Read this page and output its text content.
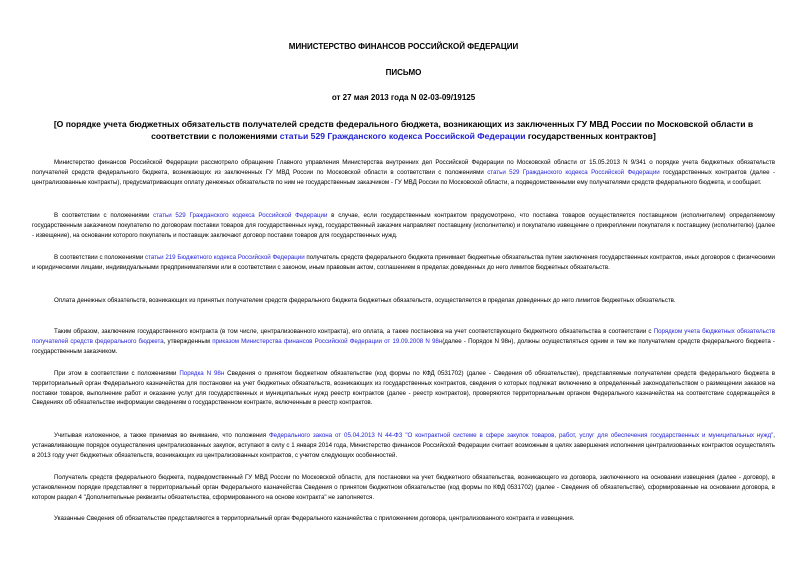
МИНИСТЕРСТВО ФИНАНСОВ РОССИЙСКОЙ ФЕДЕРАЦИИ
ПИСЬМО
от 27 мая 2013 года N 02-03-09/19125
[О порядке учета бюджетных обязательств получателей средств федерального бюджета, возникающих из заключенных ГУ МВД России по Московской области в соответствии с положениями статьи 529 Гражданского кодекса Российской Федерации государственных контрактов]

Министерство финансов Российской Федерации рассмотрело обращение Главного управления Министерства внутренних дел Российской Федерации по Московской области от 15.05.2013 N 9/341 о порядке учета бюджетных обязательств получателей средств федерального бюджета, возникающих из заключенных ГУ МВД России по Московской области в соответствии с положениями статьи 529 Гражданского кодекса Российской Федерации государственных контрактов (далее - централизованные контракты), предусматривающих оплату денежных обязательств по ним не государственным заказчиком - ГУ МВД России по Московской области, а подведомственными ему получателями средств федерального бюджета, и сообщает.

В соответствии с положениями статьи 529 Гражданского кодекса Российской Федерации в случае, если государственным контрактом предусмотрено, что поставка товаров осуществляется поставщиком (исполнителем) определяемому государственным заказчиком покупателю по договорам поставки товаров для государственных нужд, государственный заказчик направляет поставщику (исполнителю) и покупателю извещение о прикреплении покупателя к поставщику (исполнителю) (далее - извещение), на основании которого покупатель и поставщик заключают договор поставки товаров для государственных нужд.

В соответствии с положениями статьи 219 Бюджетного кодекса Российской Федерации получатель средств федерального бюджета принимает бюджетные обязательства путем заключения государственных контрактов, иных договоров с физическими и юридическими лицами, индивидуальными предпринимателями или в соответствии с законом, иным правовым актом, соглашением в пределах доведенных до него лимитов бюджетных обязательств.

Оплата денежных обязательств, возникающих из принятых получателем средств федерального бюджета бюджетных обязательств, осуществляется в пределах доведенных до него лимитов бюджетных обязательств.

Таким образом, заключение государственного контракта (в том числе, централизованного контракта), его оплата, а также постановка на учет соответствующего бюджетного обязательства в соответствии с Порядком учета бюджетных обязательств получателей средств федерального бюджета, утвержденным приказом Министерства финансов Российской Федерации от 19.09.2008 N 98н(далее - Порядок N 98н), должны осуществляться одним и тем же получателем средств федерального бюджета - государственным заказчиком.

При этом в соответствии с положениями Порядка N 98н Сведения о принятом бюджетном обязательстве (код формы по КФД 0531702) (далее - Сведения об обязательстве), представляемые получателем средств федерального бюджета в территориальный орган Федерального казначейства для постановки на учет бюджетных обязательств, возникающих из государственных контрактов, сведения о которых подлежат включению в определенный законодательством о размещении заказов на поставки товаров, выполнение работ и оказание услуг для государственных и муниципальных нужд реестр контрактов (далее - реестр контрактов), проверяются территориальным органом Федерального казначейства на соответствие содержащейся в Сведениях об обязательстве информации сведениям о государственном контракте, включенным в реестр контрактов.

Учитывая изложенное, а также принимая во внимание, что положения Федерального закона от 05.04.2013 N 44-ФЗ "О контрактной системе в сфере закупок товаров, работ, услуг для обеспечения государственных и муниципальных нужд", устанавливающие порядок осуществления централизованных закупок, вступают в силу с 1 января 2014 года, Министерство финансов Российской Федерации считает возможным в целях завершения исполнения централизованных контрактов осуществлять в 2013 году учет бюджетных обязательств, возникающих из централизованных контрактов, с учетом следующих особенностей.

Получатель средств федерального бюджета, подведомственный ГУ МВД России по Московской области, для постановки на учет бюджетного обязательства, возникающего из договора, заключенного на основании извещения (далее - договор), в установленном порядке представляет в территориальный орган Федерального казначейства Сведения о принятом бюджетном обязательстве (код формы по КФД 0531702) (далее - Сведения об обязательстве), сформированные на основании договора, в котором раздел 4 "Дополнительные реквизиты обязательства, сформированного на основе контракта" не заполняется.

Указанные Сведения об обязательстве представляются в территориальный орган Федерального казначейства с приложением договора, централизованного контракта и извещения.
